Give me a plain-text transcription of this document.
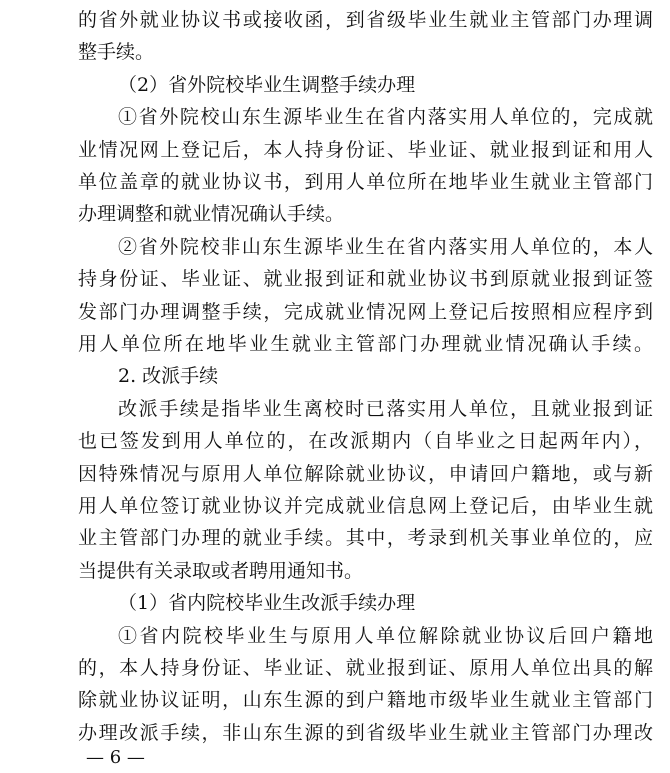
的省外就业协议书或接收函，到省级毕业生就业主管部门办理调
整手续。
（2）省外院校毕业生调整手续办理
①省外院校山东生源毕业生在省内落实用人单位的，完成就
业情况网上登记后，本人持身份证、毕业证、就业报到证和用人
单位盖章的就业协议书，到用人单位所在地毕业生就业主管部门
办理调整和就业情况确认手续。
②省外院校非山东生源毕业生在省内落实用人单位的，本人
持身份证、毕业证、就业报到证和就业协议书到原就业报到证签
发部门办理调整手续，完成就业情况网上登记后按照相应程序到
用人单位所在地毕业生就业主管部门办理就业情况确认手续。
2. 改派手续
改派手续是指毕业生离校时已落实用人单位，且就业报到证
也已签发到用人单位的，在改派期内（自毕业之日起两年内），
因特殊情况与原用人单位解除就业协议，申请回户籍地，或与新
用人单位签订就业协议并完成就业信息网上登记后，由毕业生就
业主管部门办理的就业手续。其中，考录到机关事业单位的，应
当提供有关录取或者聘用通知书。
（1）省内院校毕业生改派手续办理
①省内院校毕业生与原用人单位解除就业协议后回户籍地
的，本人持身份证、毕业证、就业报到证、原用人单位出具的解
除就业协议证明，山东生源的到户籍地市级毕业生就业主管部门
办理改派手续，非山东生源的到省级毕业生就业主管部门办理改
— 6 —
